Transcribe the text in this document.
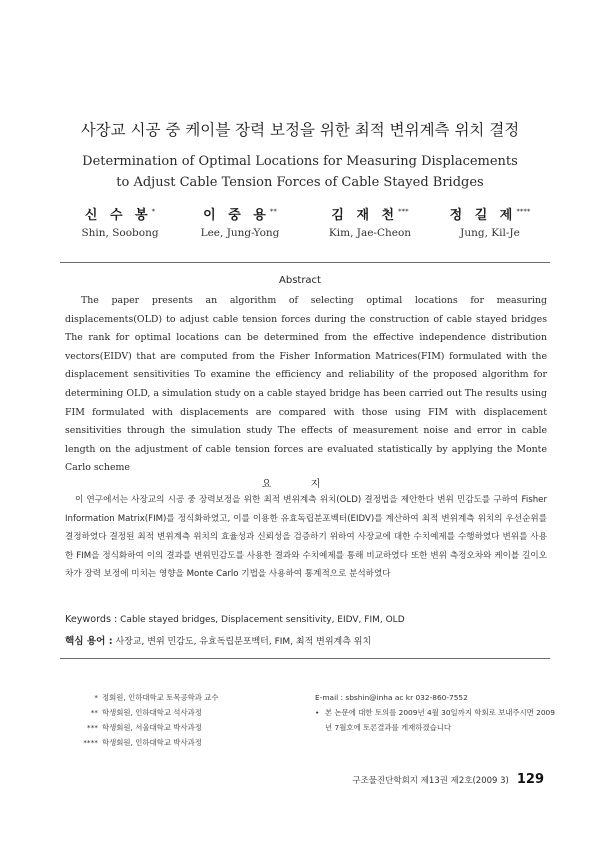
사장교 시공 중 케이블 장력 보정을 위한 최적 변위계측 위치 결정
Determination of Optimal Locations for Measuring Displacements
to Adjust Cable Tension Forces of Cable Stayed Bridges
신 수 봉*
Shin, Soobong
이 중 용**
Lee, Jung-Yong
김 재 천***
Kim, Jae-Cheon
정 길 제****
Jung, Kil-Je
Abstract

The paper presents an algorithm of selecting optimal locations for measuring displacements(OLD) to adjust cable tension forces during the construction of cable stayed bridges The rank for optimal locations can be determined from the effective independence distribution vectors(EIDV) that are computed from the Fisher Information Matrices(FIM) formulated with the displacement sensitivities To examine the efficiency and reliability of the proposed algorithm for determining OLD, a simulation study on a cable stayed bridge has been carried out The results using FIM formulated with displacements are compared with those using FIM with displacement sensitivities through the simulation study The effects of measurement noise and error in cable length on the adjustment of cable tension forces are evaluated statistically by applying the Monte Carlo scheme

요 지

이 연구에서는 사장교의 시공 중 장력보정을 위한 최적 변위계측 위치(OLD) 결정법을 제안한다 변위 민감도를 구하여 Fisher Information Matrix(FIM)를 정식화하였고, 이를 이용한 유효독립분포벡터(EIDV)를 계산하여 최적 변위계측 위치의 우선순위를 결정하였다 결정된 최적 변위계측 위치의 효율성과 신뢰성을 검증하기 위하여 사장교에 대한 수치예제를 수행하였다 변위를 사용한 FIM을 정식화하여 이의 결과를 변위민감도를 사용한 결과와 수치예제를 통해 비교하였다 또한 변위 측정오차와 케이블 길이오차가 장력 보정에 미치는 영향을 Monte Carlo 기법을 사용하여 통계적으로 분석하였다

Keywords : Cable stayed bridges, Displacement sensitivity, EIDV, FIM, OLD
핵심 용어 : 사장교, 변위 민감도, 유효독립분포벡터, FIM, 최적 변위계측 위치
* 정회원, 인하대학교 토목공학과 교수
** 학생회원, 인하대학교 석사과정
*** 학생회원, 서울대학교 박사과정
**** 학생회원, 인하대학교 박사과정
E-mail : sbshin@inha ac kr 032-860-7552
• 본 논문에 대한 토의를 2009년 4월 30일까지 학회로 보내주시면 2009년 7월호에 토론결과를 게재하겠습니다
구조물진단학회지 제13권 제2호(2009 3) 129
